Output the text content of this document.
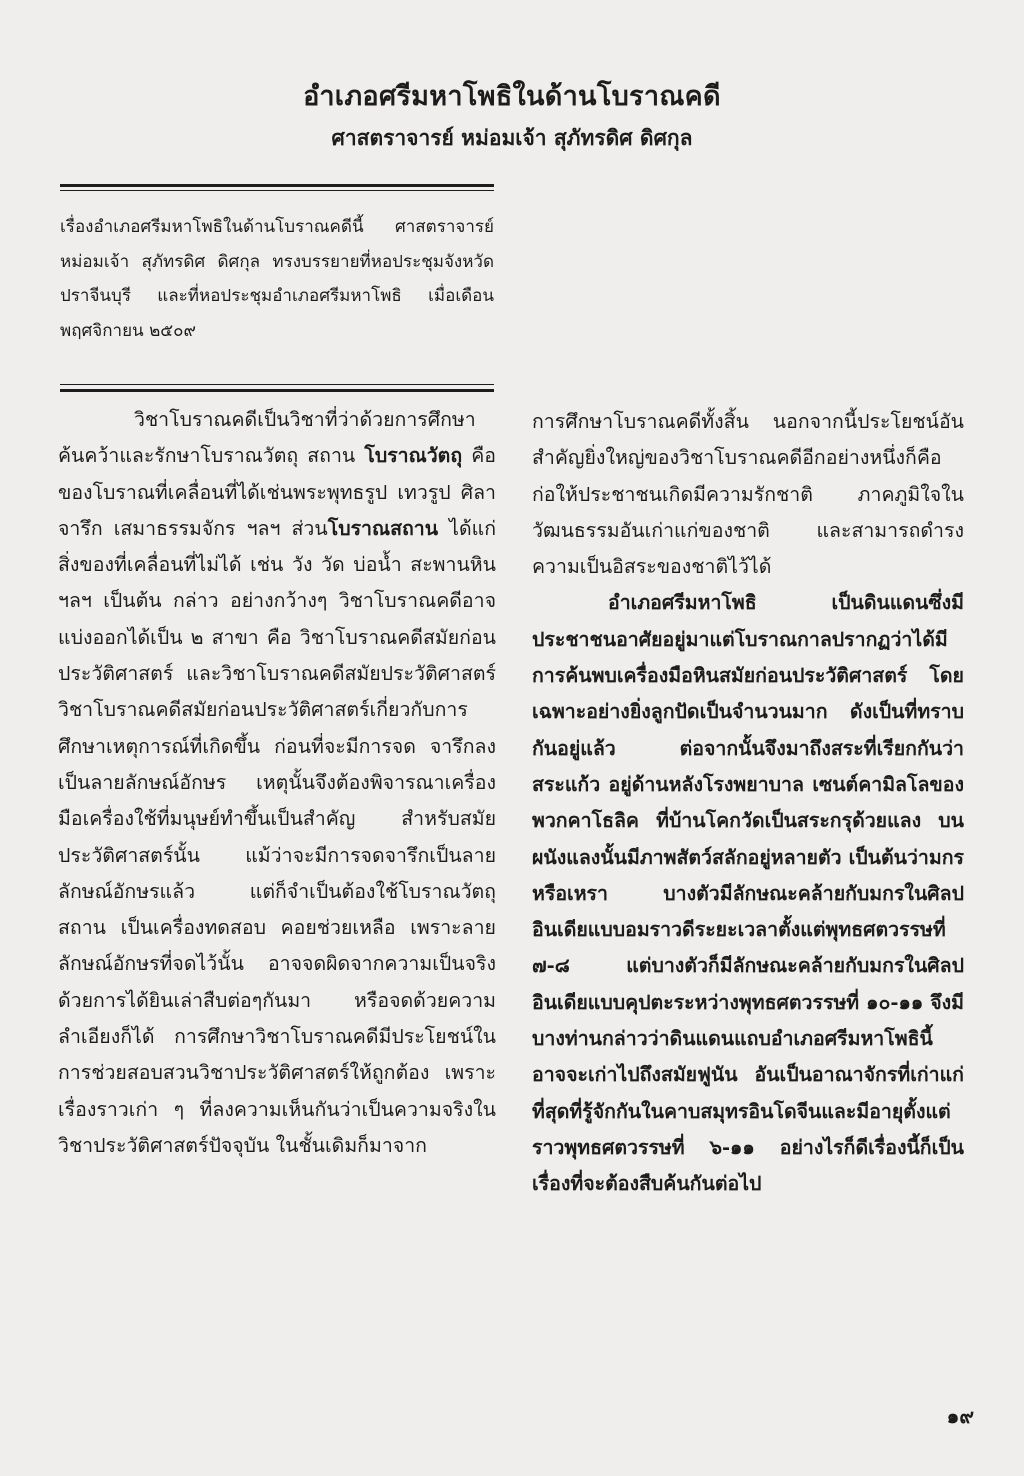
อำเภอศรีมหาโพธิในด้านโบราณคดี
ศาสตราจารย์ หม่อมเจ้า สุภัทรดิศ ดิศกุล
เรื่องอำเภอศรีมหาโพธิในด้านโบราณคดีนี้ ศาสตราจารย์ หม่อมเจ้า สุภัทรดิศ ดิศกุล ทรงบรรยายที่หอประชุมจังหวัดปราจีนบุรี และที่หอประชุมอำเภอศรีมหาโพธิ เมื่อเดือนพฤศจิกายน ๒๕๐๙

วิชาโบราณคดีเป็นวิชาที่ว่าด้วยการศึกษาค้นคว้าและรักษาโบราณวัตถุ สถาน โบราณวัตถุ คือ ของโบราณที่เคลื่อนที่ได้เช่นพระพุทธรูป เทวรูป ศิลาจารึก เสมาธรรมจักร ฯลฯ ส่วนโบราณสถาน ได้แก่ สิ่งของที่เคลื่อนที่ไม่ได้ เช่น วัง วัด บ่อน้ำ สะพานหิน ฯลฯ เป็นต้น กล่าว อย่างกว้างๆ วิชาโบราณคดีอาจแบ่งออกได้เป็น ๒ สาขา คือ วิชาโบราณคดีสมัยก่อน ประวัติศาสตร์ และวิชาโบราณคดีสมัยประวัติศาสตร์ วิชาโบราณคดีสมัยก่อนประวัติศาสตร์เกี่ยวกับการศึกษาเหตุการณ์ที่เกิดขึ้น ก่อนที่จะมีการจด จารึกลงเป็นลายลักษณ์อักษร เหตุนั้นจึงต้องพิจารณาเครื่องมือเครื่องใช้ที่มนุษย์ทำขึ้นเป็นสำคัญ สำหรับสมัยประวัติศาสตร์นั้น แม้ว่าจะมีการจดจารึกเป็นลายลักษณ์อักษรแล้ว แต่ก็จำเป็นต้องใช้โบราณวัตถุ สถาน เป็นเครื่องทดสอบ คอยช่วยเหลือ เพราะลายลักษณ์อักษรที่จดไว้นั้น อาจจดผิดจากความเป็นจริง ด้วยการได้ยินเล่าสืบต่อๆกันมา หรือจดด้วยความลำเอียงก็ได้ การศึกษาวิชาโบราณคดีมีประโยชน์ในการช่วยสอบสวนวิชาประวัติศาสตร์ให้ถูกต้อง เพราะเรื่องราวเก่า ๆ ที่ลงความเห็นกันว่าเป็นความจริงในวิชาประวัติศาสตร์ปัจจุบัน ในชั้นเดิมก็มาจาก

การศึกษาโบราณคดีทั้งสิ้น นอกจากนี้ประโยชน์อันสำคัญยิ่งใหญ่ของวิชาโบราณคดีอีกอย่างหนึ่งก็คือ ก่อให้ประชาชนเกิดมีความรักชาติ ภาคภูมิใจในวัฒนธรรมอันเก่าแก่ของชาติ และสามารถดำรง ความเป็นอิสระของชาติไว้ได้

อำเภอศรีมหาโพธิ เป็นดินแดนซึ่งมีประชาชนอาศัยอยู่มาแต่โบราณกาลปรากฏว่าได้มีการค้นพบเครื่องมือหินสมัยก่อนประวัติศาสตร์ โดยเฉพาะอย่างยิ่งลูกปัดเป็นจำนวนมาก ดังเป็นที่ทราบกันอยู่แล้ว ต่อจากนั้นจึงมาถึงสระที่เรียกกันว่า สระแก้ว อยู่ด้านหลังโรงพยาบาล เซนต์คามิลโลของพวกคาโธลิค ที่บ้านโคกวัดเป็นสระกรุด้วยแลง บนผนังแลงนั้นมีภาพสัตว์สลักอยู่หลายตัว เป็นต้นว่ามกรหรือเหรา บางตัวมีลักษณะคล้ายกับมกรในศิลปอินเดียแบบอมราวดีระยะเวลาตั้งแต่พุทธศตวรรษที่ ๗-๘ แต่บางตัวก็มีลักษณะคล้ายกับมกรในศิลปอินเดียแบบคุปตะระหว่างพุทธศตวรรษที่ ๑๐-๑๑ จึงมีบางท่านกล่าวว่าดินแดนแถบอำเภอศรีมหาโพธินี้อาจจะเก่าไปถึงสมัยฟูนัน อันเป็นอาณาจักรที่เก่าแก่ที่สุดที่รู้จักกันในคาบสมุทรอินโดจีนและมีอายุตั้งแต่ราวพุทธศตวรรษที่ ๖-๑๑ อย่างไรก็ดีเรื่องนี้ก็เป็นเรื่องที่จะต้องสืบค้นกันต่อไป

๑๙
